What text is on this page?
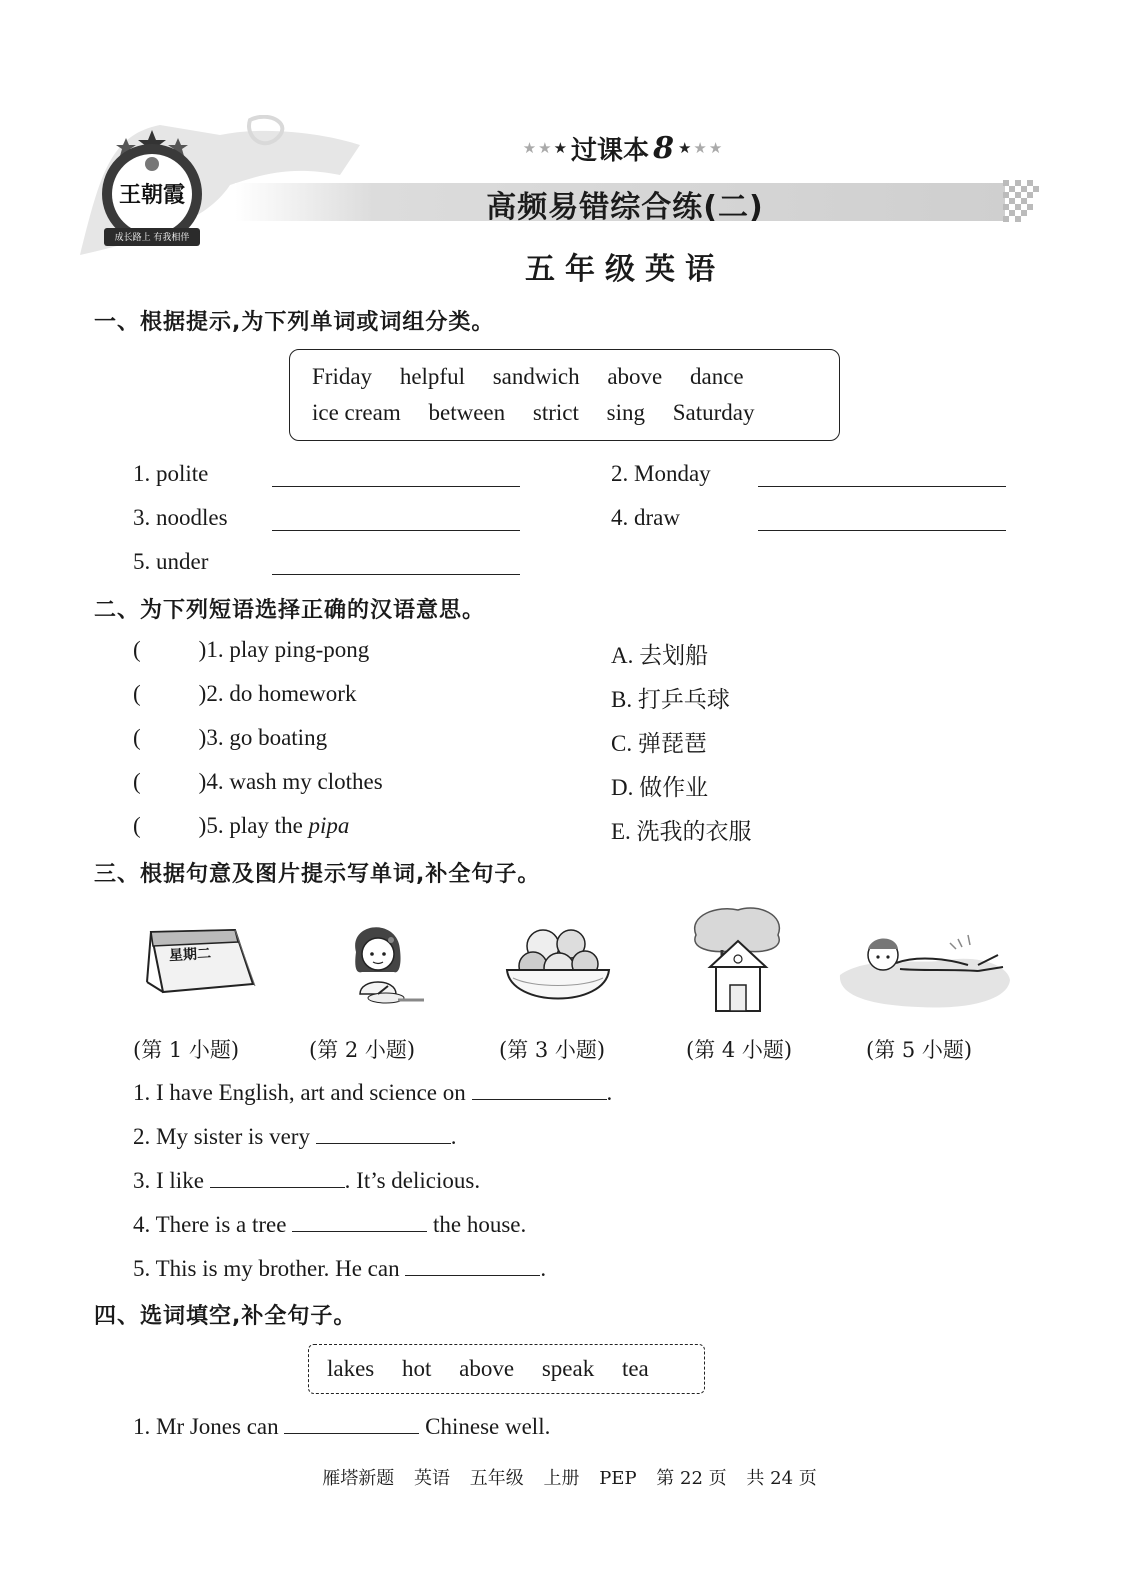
王朝霞
成长路上 有我相伴
★ ★ ★ 过课本 8 ★ ★ ★
高频易错综合练(二)
五年级英语
一、根据提示,为下列单词或词组分类。
Friday helpful sandwich above dance
ice cream between strict sing Saturday
1. polite	2. Monday
3. noodles	4. draw
5. under
二、为下列短语选择正确的汉语意思。
(	)1. play ping-pong	A. 去划船
(	)2. do homework	B. 打乒乓球
(	)3. go boating	C. 弹琵琶
(	)4. wash my clothes	D. 做作业
(	)5. play the pipa	E. 洗我的衣服
三、根据句意及图片提示写单词,补全句子。
星期二
(第 1 小题)	(第 2 小题)	(第 3 小题)	(第 4 小题)	(第 5 小题)
1. I have English, art and science on	.
2. My sister is very	.
3. I like	. It’s delicious.
4. There is a tree	the house.
5. This is my brother. He can	.
四、选词填空,补全句子。
lakes hot above speak tea
1. Mr Jones can	Chinese well.
雁塔新题 英语 五年级 上册 PEP 第 22 页 共 24 页
